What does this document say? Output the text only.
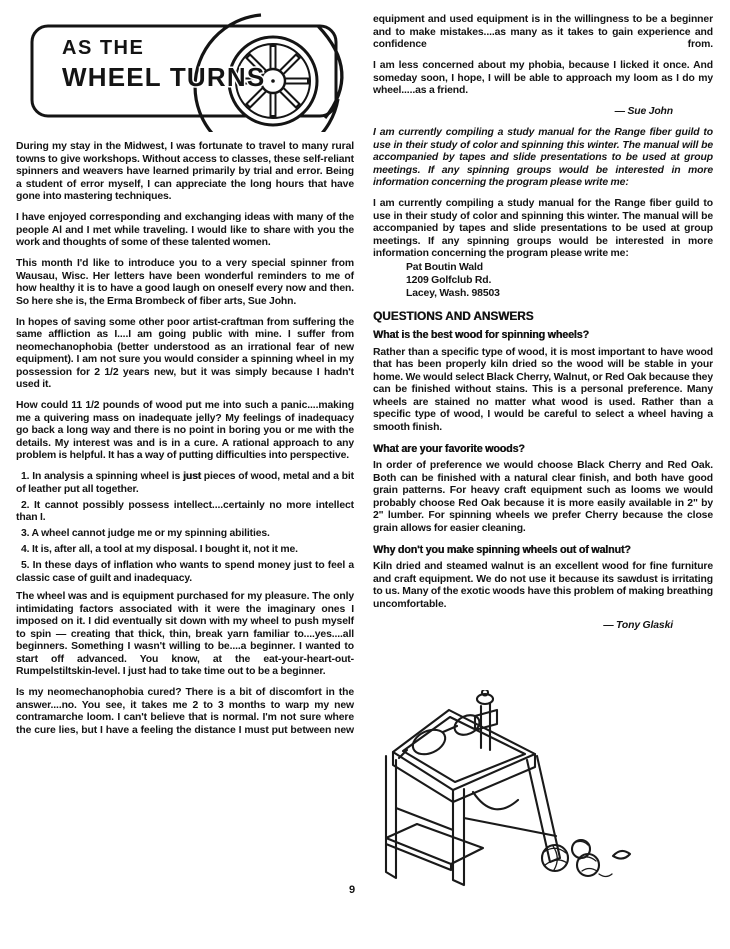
AS THE
WHEEL TURNS

During my stay in the Midwest, I was fortunate to travel to many rural towns to give workshops. Without access to classes, these self-reliant spinners and weavers have learned primarily by trial and error. Being a student of error myself, I can appreciate the long hours that have gone into mastering techniques.

I have enjoyed corresponding and exchanging ideas with many of the people Al and I met while traveling. I would like to share with you the work and thoughts of some of these talented women.

This month I'd like to introduce you to a very special spinner from Wausau, Wisc. Her letters have been wonderful reminders to me of how healthy it is to have a good laugh on oneself every now and then. So here she is, the Erma Brombeck of fiber arts, Sue John.

In hopes of saving some other poor artist-craftman from suffering the same affliction as I....I am going public with mine. I suffer from neomechanophobia (better understood as an irrational fear of new equipment). I am not sure you would consider a spinning wheel in my possession for 2 1/2 years new, but it was simply because I hadn't used it.

How could 11 1/2 pounds of wood put me into such a panic....making me a quivering mass on inadequate jelly? My feelings of inadequacy go back a long way and there is no point in boring you or me with the details. My interest was and is in a cure. A rational approach to any problem is helpful. It has a way of putting difficulties into perspective.

1. In analysis a spinning wheel is just pieces of wood, metal and a bit of leather put all together.
2. It cannot possibly possess intellect....certainly no more intellect than I.
3. A wheel cannot judge me or my spinning abilities.
4. It is, after all, a tool at my disposal. I bought it, not it me.
5. In these days of inflation who wants to spend money just to feel a classic case of guilt and inadequacy.

The wheel was and is equipment purchased for my pleasure. The only intimidating factors associated with it were the imaginary ones I imposed on it. I did eventually sit down with my wheel to push myself to spin — creating that thick, thin, break yarn familiar to....yes....all beginners. Something I wasn't willing to be....a beginner. I wanted to start off advanced. You know, at the eat-your-heart-out-Rumpelstiltskin-level. I just had to take time out to be a beginner.

Is my neomechanophobia cured? There is a bit of discomfort in the answer....no. You see, it takes me 2 to 3 months to warp my new contramarche loom. I can't believe that is normal. I'm not sure where the cure lies, but I have a feeling the distance I must put between new

equipment and used equipment is in the willingness to be a beginner and to make mistakes....as many as it takes to gain experience and confidence from.

I am less concerned about my phobia, because I licked it once. And someday soon, I hope, I will be able to approach my loom as I do my wheel.....as a friend.

— Sue John

I am currently compiling a study manual for the Range fiber guild to use in their study of color and spinning this winter. The manual will be accompanied by tapes and slide presentations to be used at group meetings. If any spinning groups would be interested in more information concerning the program please write me:

I am currently compiling a study manual for the Range fiber guild to use in their study of color and spinning this winter. The manual will be accompanied by tapes and slide presentations to be used at group meetings. If any spinning groups would be interested in more information concerning the program please write me:

Pat Boutin Wald
1209 Golfclub Rd.
Lacey, Wash. 98503
QUESTIONS AND ANSWERS
What is the best wood for spinning wheels?

Rather than a specific type of wood, it is most important to have wood that has been properly kiln dried so the wood will be stable in your home. We would select Black Cherry, Walnut, or Red Oak because they can be finished without stains. This is a personal preference. Many wheels are stained no matter what wood is used. Rather than a specific type of wood, I would be careful to select a wheel having a smooth finish.

What are your favorite woods?

In order of preference we would choose Black Cherry and Red Oak. Both can be finished with a natural clear finish, and both have good grain patterns. For heavy craft equipment such as looms we would probably choose Red Oak because it is more easily available in 2" by 2" lumber. For spinning wheels we prefer Cherry because the close grain allows for easier cleaning.

Why don't you make spinning wheels out of walnut?

Kiln dried and steamed walnut is an excellent wood for fine furniture and craft equipment. We do not use it because its sawdust is irritating to us. Many of the exotic woods have this problem of making breathing uncomfortable.

— Tony Glaski

9
